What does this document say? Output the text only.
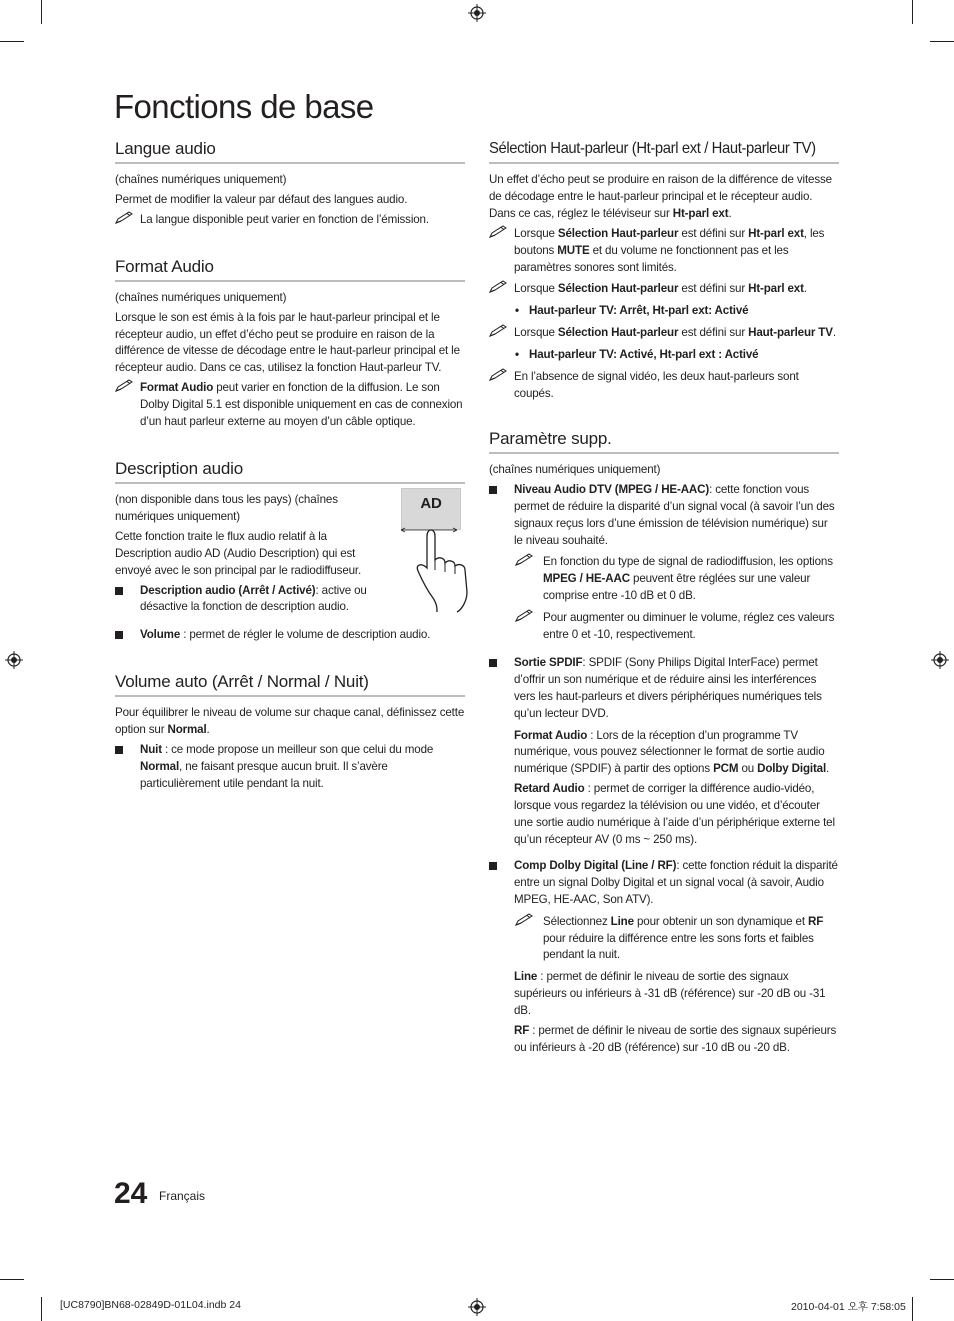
Fonctions de base
Langue audio

(chaînes numériques uniquement)

Permet de modifier la valeur par défaut des langues audio.

La langue disponible peut varier en fonction de l’émission.
Format Audio

(chaînes numériques uniquement)

Lorsque le son est émis à la fois par le haut-parleur principal et le récepteur audio, un effet d’écho peut se produire en raison de la différence de vitesse de décodage entre le haut-parleur principal et le récepteur audio. Dans ce cas, utilisez la fonction Haut-parleur TV.

Format Audio peut varier en fonction de la diffusion. Le son Dolby Digital 5.1 est disponible uniquement en cas de connexion d’un haut parleur externe au moyen d’un câble optique.
Description audio
AD

(non disponible dans tous les pays) (chaînes numériques uniquement)

Cette fonction traite le flux audio relatif à la Description audio AD (Audio Description) qui est envoyé avec le son principal par le radiodiffuseur.

Description audio (Arrêt / Activé): active ou désactive la fonction de description audio.
Volume : permet de régler le volume de description audio.
Volume auto (Arrêt / Normal / Nuit)

Pour équilibrer le niveau de volume sur chaque canal, définissez cette option sur Normal.

Nuit : ce mode propose un meilleur son que celui du mode Normal, ne faisant presque aucun bruit. Il s’avère particulièrement utile pendant la nuit.
Sélection Haut-parleur (Ht-parl ext / Haut-parleur TV)

Un effet d’écho peut se produire en raison de la différence de vitesse de décodage entre le haut-parleur principal et le récepteur audio. Dans ce cas, réglez le téléviseur sur Ht-parl ext.

Lorsque Sélection Haut-parleur est défini sur Ht-parl ext, les boutons MUTE et du volume ne fonctionnent pas et les paramètres sonores sont limités.
Lorsque Sélection Haut-parleur est défini sur Ht-parl ext.
• Haut-parleur TV: Arrêt, Ht-parl ext: Activé
Lorsque Sélection Haut-parleur est défini sur Haut-parleur TV.
• Haut-parleur TV: Activé, Ht-parl ext : Activé
En l’absence de signal vidéo, les deux haut-parleurs sont coupés.
Paramètre supp.

(chaînes numériques uniquement)

Niveau Audio DTV (MPEG / HE-AAC): cette fonction vous permet de réduire la disparité d’un signal vocal (à savoir l’un des signaux reçus lors d’une émission de télévision numérique) sur le niveau souhaité.
En fonction du type de signal de radiodiffusion, les options MPEG / HE-AAC peuvent être réglées sur une valeur comprise entre -10 dB et 0 dB.
Pour augmenter ou diminuer le volume, réglez ces valeurs entre 0 et -10, respectivement.
Sortie SPDIF: SPDIF (Sony Philips Digital InterFace) permet d’offrir un son numérique et de réduire ainsi les interférences vers les haut-parleurs et divers périphériques numériques tels qu’un lecteur DVD.
Format Audio : Lors de la réception d’un programme TV numérique, vous pouvez sélectionner le format de sortie audio numérique (SPDIF) à partir des options PCM ou Dolby Digital.
Retard Audio : permet de corriger la différence audio-vidéo, lorsque vous regardez la télévision ou une vidéo, et d’écouter une sortie audio numérique à l’aide d’un périphérique externe tel qu’un récepteur AV (0 ms ~ 250 ms).
Comp Dolby Digital (Line / RF): cette fonction réduit la disparité entre un signal Dolby Digital et un signal vocal (à savoir, Audio MPEG, HE-AAC, Son ATV).
Sélectionnez Line pour obtenir un son dynamique et RF pour réduire la différence entre les sons forts et faibles pendant la nuit.
Line : permet de définir le niveau de sortie des signaux supérieurs ou inférieurs à -31 dB (référence) sur -20 dB ou -31 dB.
RF : permet de définir le niveau de sortie des signaux supérieurs ou inférieurs à -20 dB (référence) sur -10 dB ou -20 dB.
24 Français
[UC8790]BN68-02849D-01L04.indb 24	2010-04-01 오후 7:58:05
